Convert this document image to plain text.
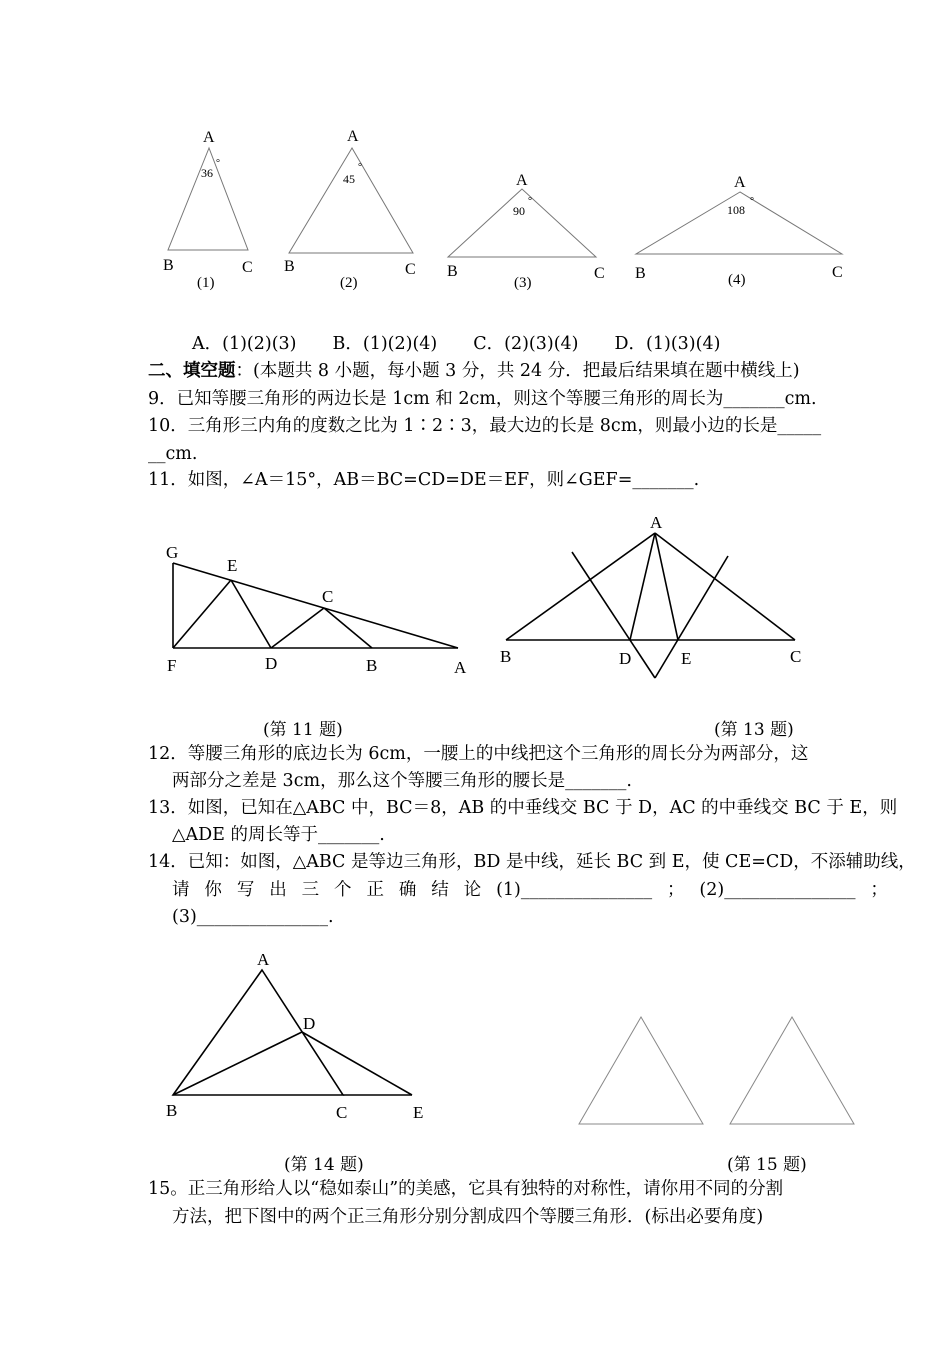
A
36
°
B	C
(1)
A
45
°
B	C
(2)
A
90
°
B	C
(3)
A
108
°
B	C
(4)
A．(1)(2)(3) B．(1)(2)(4) C．(2)(3)(4) D．(1)(3)(4)
二、填空题：(本题共 8 小题，每小题 3 分，共 24 分．把最后结果填在题中横线上)
9．已知等腰三角形的两边长是 1cm 和 2cm，则这个等腰三角形的周长为_______cm.
10．三角形三内角的度数之比为 1∶2∶3，最大边的长是 8cm，则最小边的长是_____
__cm.
11．如图，∠A＝15°，AB＝BC=CD=DE＝EF，则∠GEF=_______.
G
E
C
F	D	B	A
A
B	D	E	C
(第 11 题)	(第 13 题)
12．等腰三角形的底边长为 6cm，一腰上的中线把这个三角形的周长分为两部分，这
两部分之差是 3cm，那么这个等腰三角形的腰长是_______.
13．如图，已知在△ABC 中，BC＝8，AB 的中垂线交 BC 于 D，AC 的中垂线交 BC 于 E，则
△ADE 的周长等于_______.
14．已知：如图，△ABC 是等边三角形，BD 是中线，延长 BC 到 E，使 CE=CD，不添辅助线，
请 你 写 出 三 个 正 确 结 论 (1)_______________ ； (2)_______________ ；
(3)_______________.
A
D
B	C	E
(第 14 题)	(第 15 题)
15。正三角形给人以“稳如泰山”的美感，它具有独特的对称性，请你用不同的分割
方法，把下图中的两个正三角形分别分割成四个等腰三角形．(标出必要角度)
